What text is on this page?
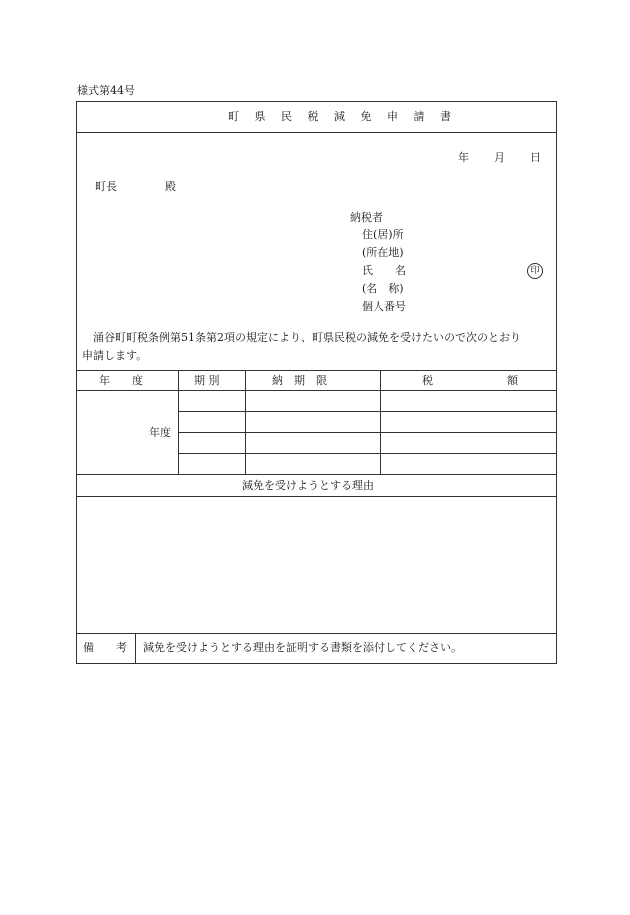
様式第44号
町 県 民 税 減 免 申 請 書
年 月 日
町長	殿
納税者
住(居)所
(所在地)
氏　　名	印
(名　称)
個人番号
涌谷町町税条例第51条第2項の規定により、町県民税の減免を受けたいので次のとおり
申請します。
年　　度	期 別	納　期　限	税	額
年度
減免を受けようとする理由
備　　考 減免を受けようとする理由を証明する書類を添付してください。
